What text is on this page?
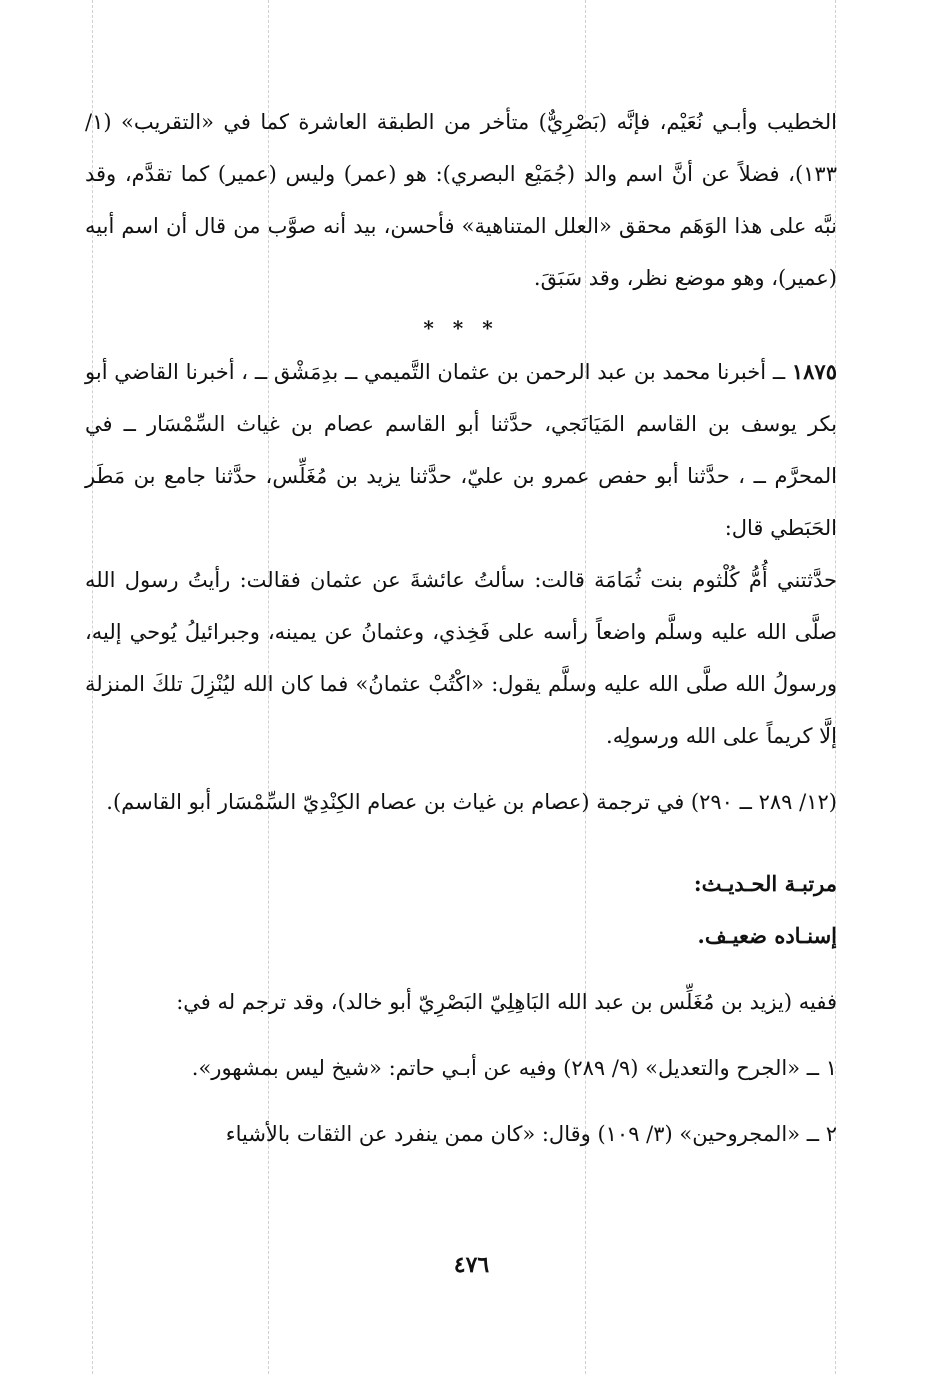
الخطيب وأبـي نُعَيْم، فإنَّه (بَصْرِيٌّ) متأخر من الطبقة العاشرة كما في «التقريب» (١/ ١٣٣)، فضلاً عن أنَّ اسم والد (جُمَيْع البصري): هو (عمر) وليس (عمير) كما تقدَّم، وقد نبَّه على هذا الوَهَم محقق «العلل المتناهية» فأحسن، بيد أنه صوَّب من قال أن اسم أبيه (عمير)، وهو موضع نظر، وقد سَبَقَ.

* * *

١٨٧٥ ــ أخبرنا محمد بن عبد الرحمن بن عثمان التَّميمي ــ بدِمَشْق ــ ، أخبرنا القاضي أبو بكر يوسف بن القاسم المَيَانَجي، حدَّثنا أبو القاسم عصام بن غياث السِّمْسَار ــ في المحرَّم ــ ، حدَّثنا أبو حفص عمرو بن عليّ، حدَّثنا يزيد بن مُغَلِّس، حدَّثنا جامع بن مَطَر الحَبَطي قال:

حدَّثتني أُمُّ كُلْثوم بنت ثُمَامَة قالت: سألتُ عائشةَ عن عثمان فقالت: رأيتُ رسول الله صلَّى الله عليه وسلَّم واضعاً رأسه على فَخِذي، وعثمانُ عن يمينه، وجبرائيلُ يُوحي إليه، ورسولُ الله صلَّى الله عليه وسلَّم يقول: «اكْتُبْ عثمانُ» فما كان الله ليُنْزِلَ تلكَ المنزلة إلَّا كريماً على الله ورسولِه.

(١٢/ ٢٨٩ ــ ٢٩٠) في ترجمة (عصام بن غياث بن عصام الكِنْدِيّ السِّمْسَار أبو القاسم).

مرتبـة الحـديـث:

إسنـاده ضعيـف.

ففيه (يزيد بن مُغَلِّس بن عبد الله البَاهِلِيّ البَصْرِيّ أبو خالد)، وقد ترجم له في:

١ ــ «الجرح والتعديل» (٩/ ٢٨٩) وفيه عن أبـي حاتم: «شيخ ليس بمشهور».

٢ ــ «المجروحين» (٣/ ١٠٩) وقال: «كان ممن ينفرد عن الثقات بالأشياء

٤٧٦
